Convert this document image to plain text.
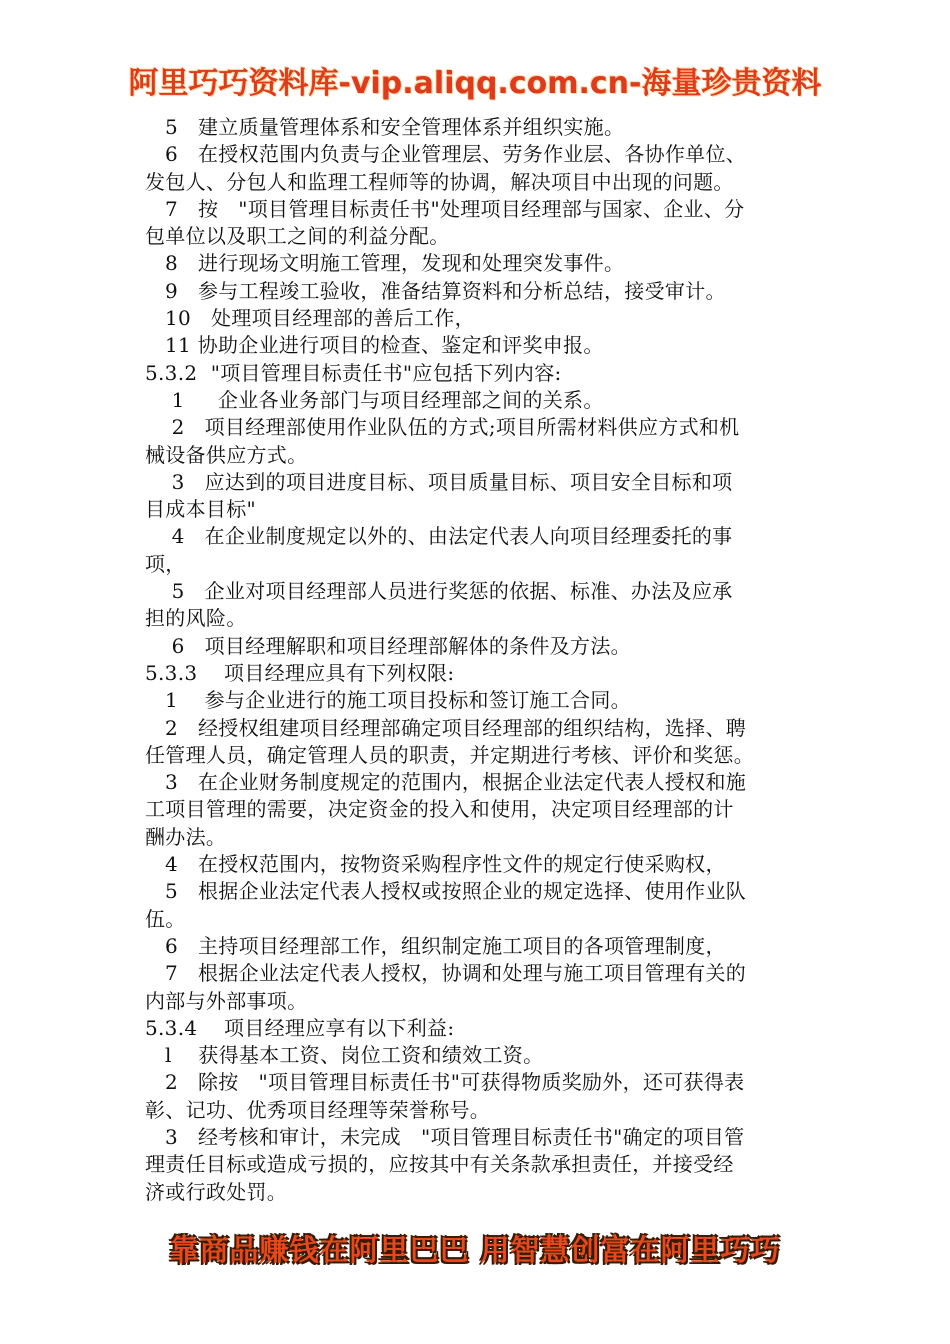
阿里巧巧资料库-vip.aliqq.com.cn-海量珍贵资料
5   建立质量管理体系和安全管理体系并组织实施。
6   在授权范围内负责与企业管理层、劳务作业层、各协作单位、
发包人、分包人和监理工程师等的协调，解决项目中出现的问题。
7   按   "项目管理目标责任书"处理项目经理部与国家、企业、分
包单位以及职工之间的利益分配。
8   进行现场文明施工管理，发现和处理突发事件。
9   参与工程竣工验收，准备结算资料和分析总结，接受审计。
10   处理项目经理部的善后工作，
11 协助企业进行项目的检查、鉴定和评奖申报。
5.3.2  "项目管理目标责任书"应包括下列内容:
1     企业各业务部门与项目经理部之间的关系。
2   项目经理部使用作业队伍的方式;项目所需材料供应方式和机
械设备供应方式。
3   应达到的项目进度目标、项目质量目标、项目安全目标和项
目成本目标"
4   在企业制度规定以外的、由法定代表人向项目经理委托的事
项，
5   企业对项目经理部人员进行奖惩的依据、标准、办法及应承
担的风险。
6   项目经理解职和项目经理部解体的条件及方法。
5.3.3    项目经理应具有下列权限:
1    参与企业进行的施工项目投标和签订施工合同。
2   经授权组建项目经理部确定项目经理部的组织结构，选择、聘
任管理人员，确定管理人员的职责，并定期进行考核、评价和奖惩。
3   在企业财务制度规定的范围内，根据企业法定代表人授权和施
工项目管理的需要，决定资金的投入和使用，决定项目经理部的计
酬办法。
4   在授权范围内，按物资采购程序性文件的规定行使采购权，
5   根据企业法定代表人授权或按照企业的规定选择、使用作业队
伍。
6   主持项目经理部工作，组织制定施工项目的各项管理制度，
7   根据企业法定代表人授权，协调和处理与施工项目管理有关的
内部与外部事项。
5.3.4    项目经理应享有以下利益:
l    获得基本工资、岗位工资和绩效工资。
2   除按   "项目管理目标责任书"可获得物质奖励外，还可获得表
彰、记功、优秀项目经理等荣誉称号。
3   经考核和审计，未完成   "项目管理目标责任书"确定的项目管
理责任目标或造成亏损的，应按其中有关条款承担责任，并接受经
济或行政处罚。
靠商品赚钱在阿里巴巴 用智慧创富在阿里巧巧
